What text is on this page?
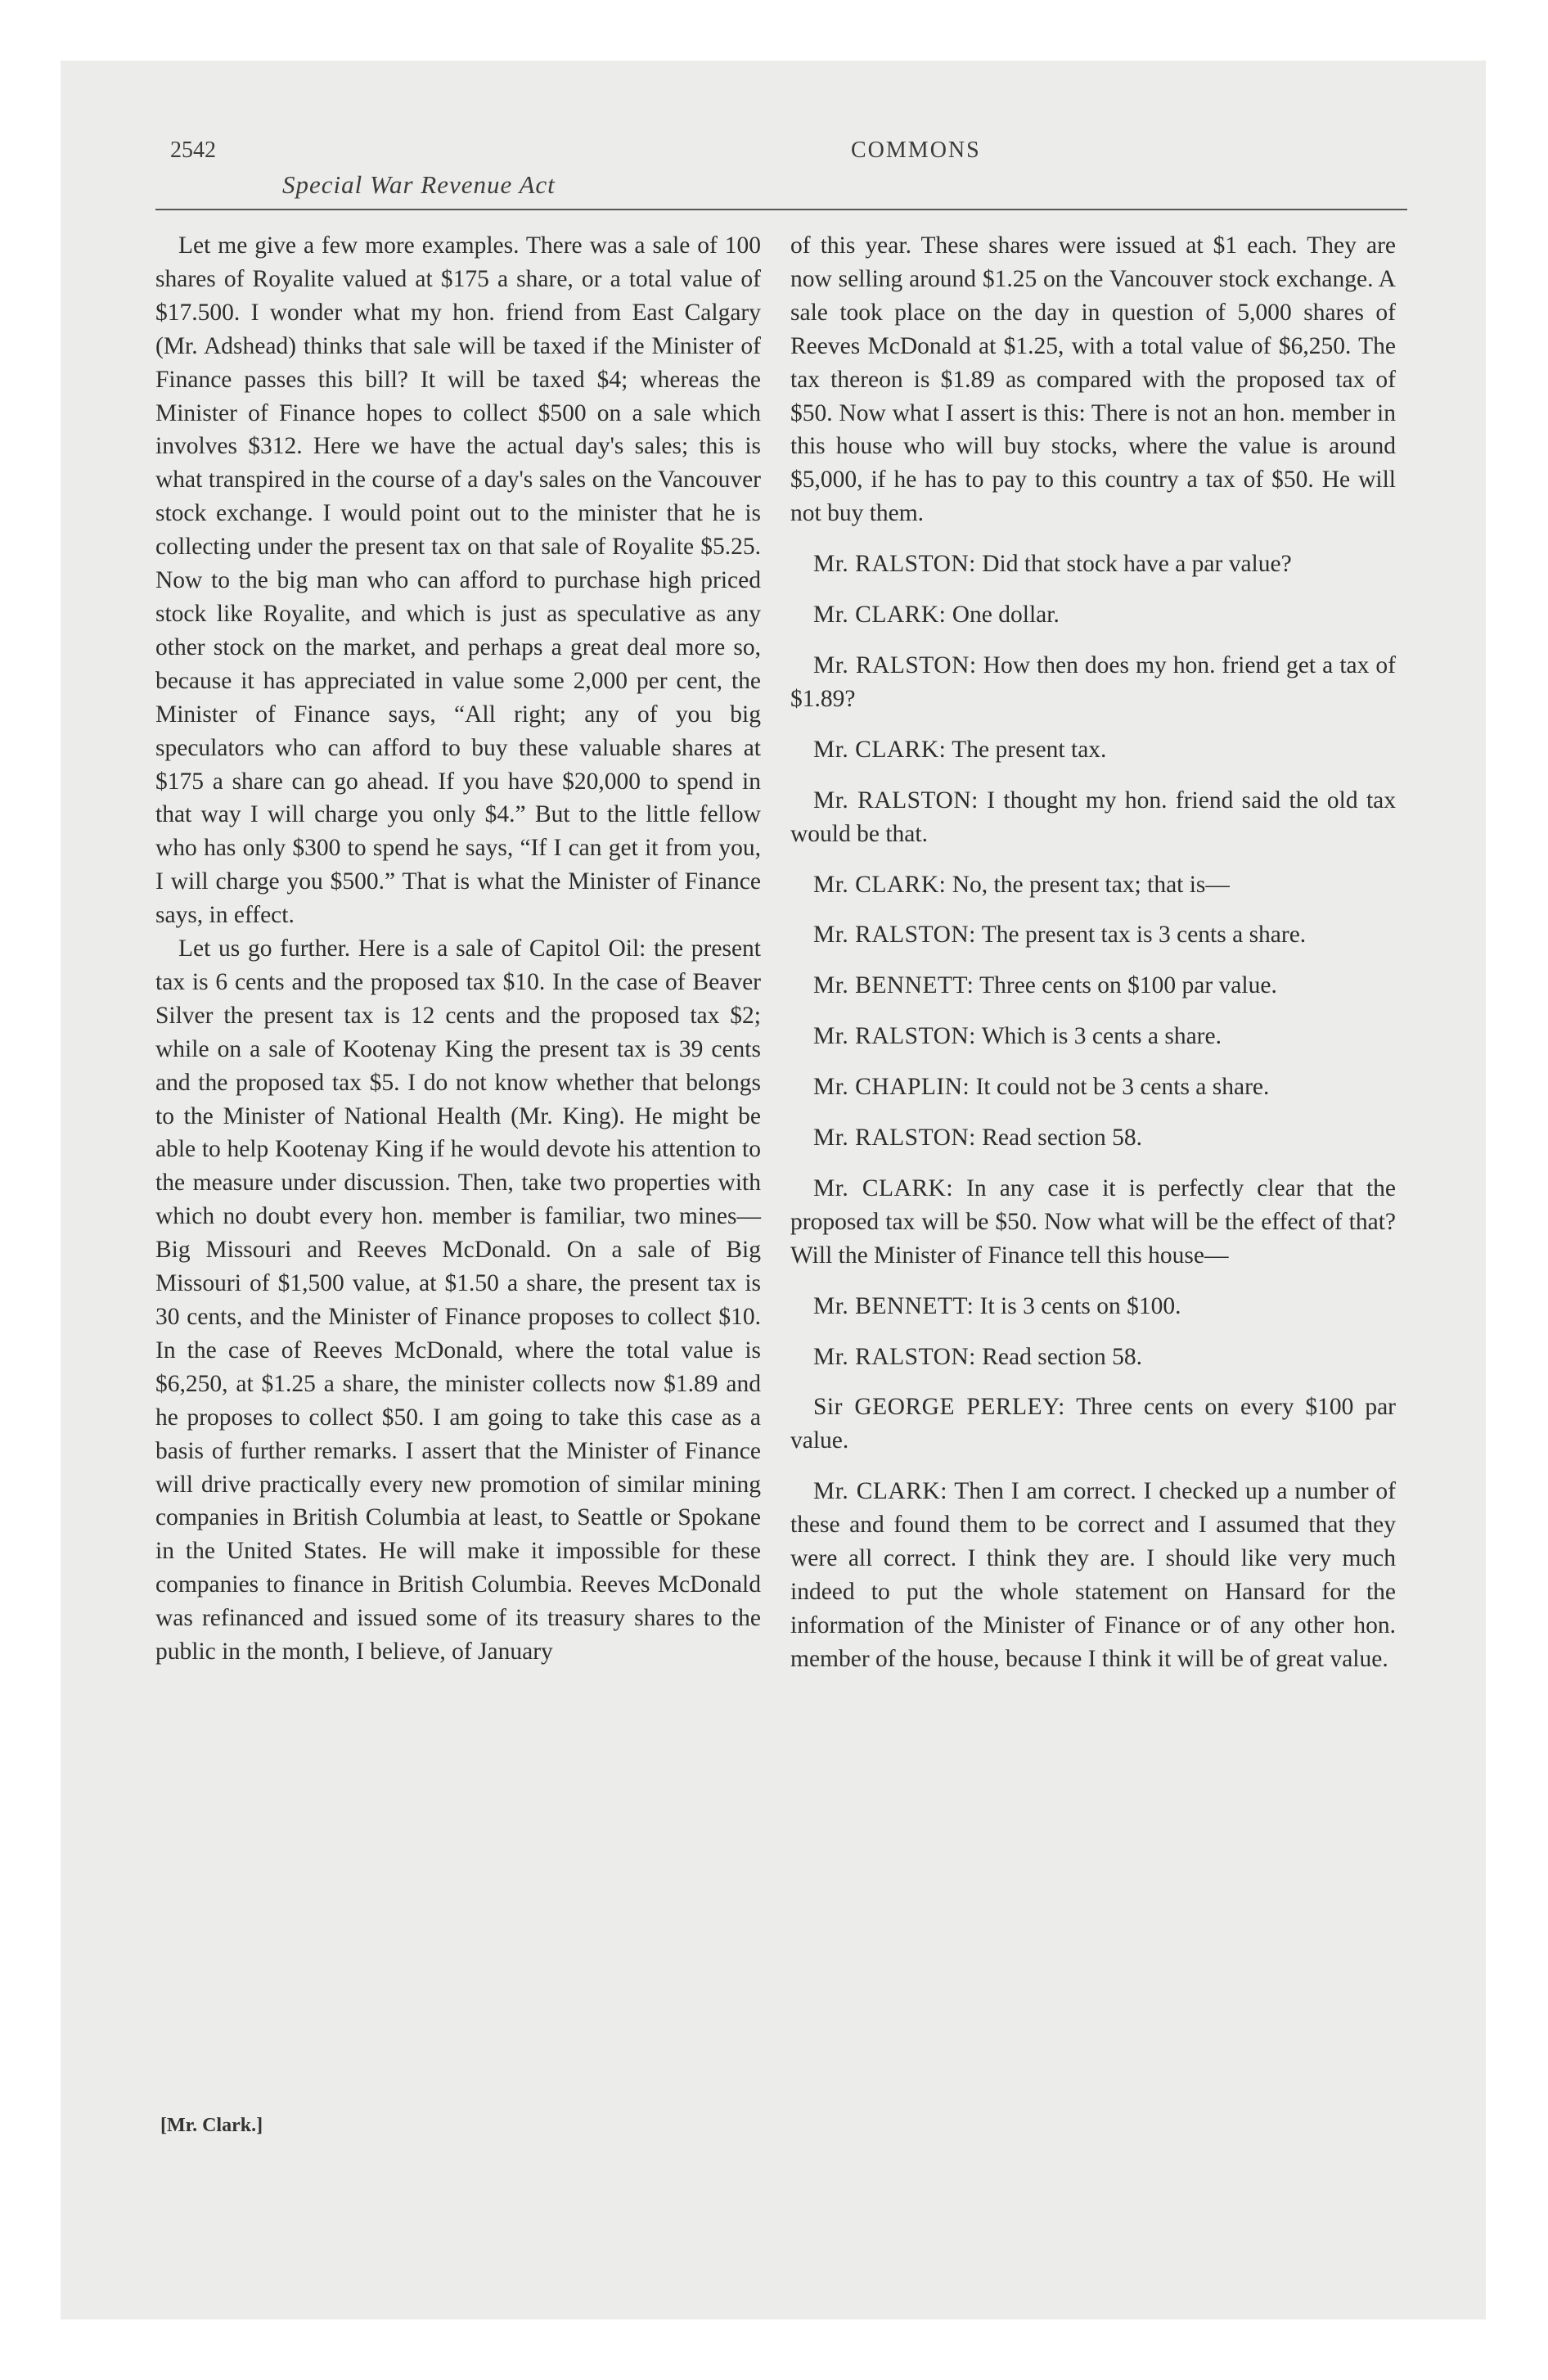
2542	COMMONS
Special War Revenue Act

Let me give a few more examples. There was a sale of 100 shares of Royalite valued at $175 a share, or a total value of $17.500. I wonder what my hon. friend from East Calgary (Mr. Adshead) thinks that sale will be taxed if the Minister of Finance passes this bill? It will be taxed $4; whereas the Minister of Finance hopes to collect $500 on a sale which involves $312. Here we have the actual day's sales; this is what transpired in the course of a day's sales on the Vancouver stock exchange. I would point out to the minister that he is collecting under the present tax on that sale of Royalite $5.25. Now to the big man who can afford to purchase high priced stock like Royalite, and which is just as speculative as any other stock on the market, and perhaps a great deal more so, because it has appreciated in value some 2,000 per cent, the Minister of Finance says, “All right; any of you big speculators who can afford to buy these valuable shares at $175 a share can go ahead. If you have $20,000 to spend in that way I will charge you only $4.” But to the little fellow who has only $300 to spend he says, “If I can get it from you, I will charge you $500.” That is what the Minister of Finance says, in effect.

Let us go further. Here is a sale of Capitol Oil: the present tax is 6 cents and the proposed tax $10. In the case of Beaver Silver the present tax is 12 cents and the proposed tax $2; while on a sale of Kootenay King the present tax is 39 cents and the proposed tax $5. I do not know whether that belongs to the Minister of National Health (Mr. King). He might be able to help Kootenay King if he would devote his attention to the measure under discussion. Then, take two properties with which no doubt every hon. member is familiar, two mines—Big Missouri and Reeves McDonald. On a sale of Big Missouri of $1,500 value, at $1.50 a share, the present tax is 30 cents, and the Minister of Finance proposes to collect $10. In the case of Reeves McDonald, where the total value is $6,250, at $1.25 a share, the minister collects now $1.89 and he proposes to collect $50. I am going to take this case as a basis of further remarks. I assert that the Minister of Finance will drive practically every new promotion of similar mining companies in British Columbia at least, to Seattle or Spokane in the United States. He will make it impossible for these companies to finance in British Columbia. Reeves McDonald was refinanced and issued some of its treasury shares to the public in the month, I believe, of January

of this year. These shares were issued at $1 each. They are now selling around $1.25 on the Vancouver stock exchange. A sale took place on the day in question of 5,000 shares of Reeves McDonald at $1.25, with a total value of $6,250. The tax thereon is $1.89 as compared with the proposed tax of $50. Now what I assert is this: There is not an hon. member in this house who will buy stocks, where the value is around $5,000, if he has to pay to this country a tax of $50. He will not buy them.

Mr. RALSTON: Did that stock have a par value?

Mr. CLARK: One dollar.

Mr. RALSTON: How then does my hon. friend get a tax of $1.89?

Mr. CLARK: The present tax.

Mr. RALSTON: I thought my hon. friend said the old tax would be that.

Mr. CLARK: No, the present tax; that is—

Mr. RALSTON: The present tax is 3 cents a share.

Mr. BENNETT: Three cents on $100 par value.

Mr. RALSTON: Which is 3 cents a share.

Mr. CHAPLIN: It could not be 3 cents a share.

Mr. RALSTON: Read section 58.

Mr. CLARK: In any case it is perfectly clear that the proposed tax will be $50. Now what will be the effect of that? Will the Minister of Finance tell this house—

Mr. BENNETT: It is 3 cents on $100.

Mr. RALSTON: Read section 58.

Sir GEORGE PERLEY: Three cents on every $100 par value.

Mr. CLARK: Then I am correct. I checked up a number of these and found them to be correct and I assumed that they were all correct. I think they are. I should like very much indeed to put the whole statement on Hansard for the information of the Minister of Finance or of any other hon. member of the house, because I think it will be of great value.

[Mr. Clark.]
